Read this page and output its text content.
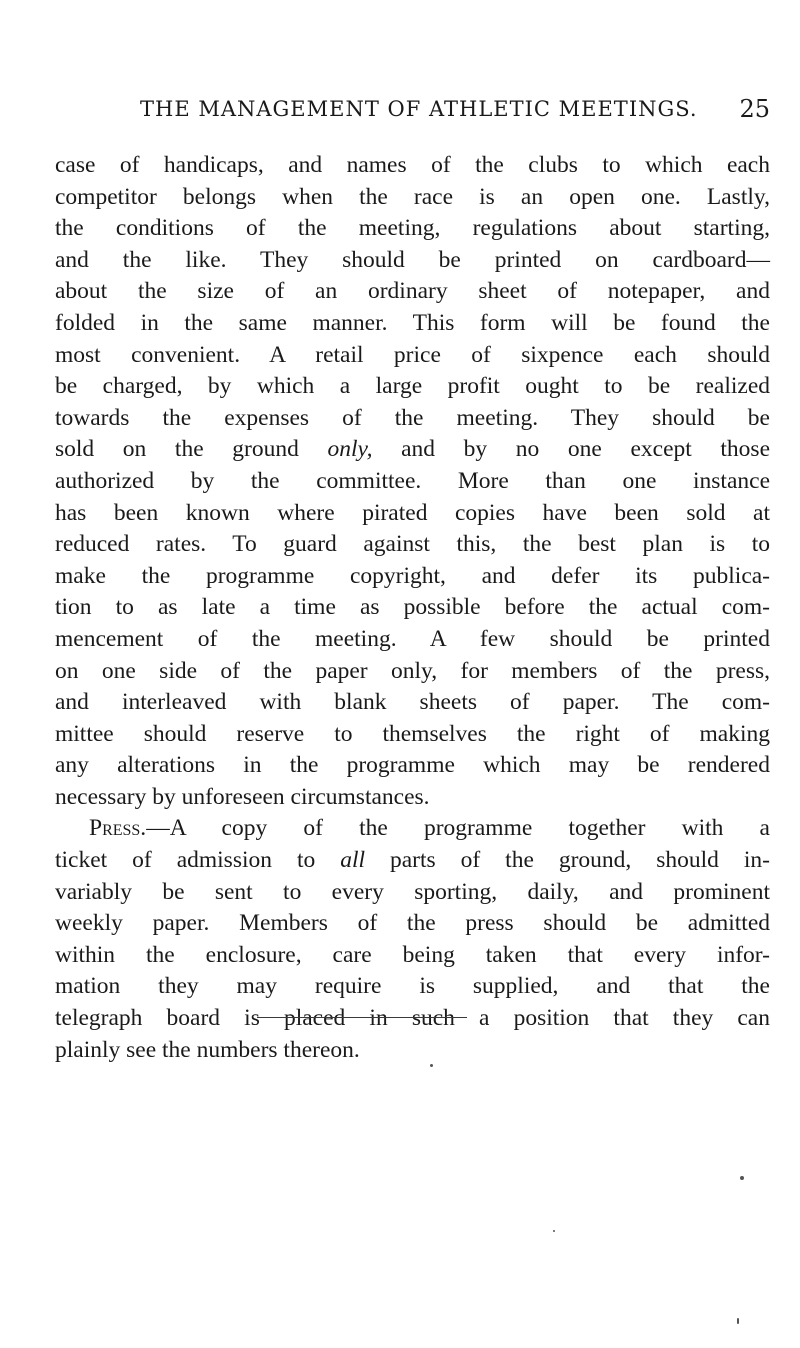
THE MANAGEMENT OF ATHLETIC MEETINGS. 25
case of handicaps, and names of the clubs to which each
competitor belongs when the race is an open one. Lastly,
the conditions of the meeting, regulations about starting,
and the like. They should be printed on cardboard—
about the size of an ordinary sheet of notepaper, and
folded in the same manner. This form will be found the
most convenient. A retail price of sixpence each should
be charged, by which a large profit ought to be realized
towards the expenses of the meeting. They should be
sold on the ground only, and by no one except those
authorized by the committee. More than one instance
has been known where pirated copies have been sold at
reduced rates. To guard against this, the best plan is to
make the programme copyright, and defer its publica-
tion to as late a time as possible before the actual com-
mencement of the meeting. A few should be printed
on one side of the paper only, for members of the press,
and interleaved with blank sheets of paper. The com-
mittee should reserve to themselves the right of making
any alterations in the programme which may be rendered
necessary by unforeseen circumstances.
Press.—A copy of the programme together with a
ticket of admission to all parts of the ground, should in-
variably be sent to every sporting, daily, and prominent
weekly paper. Members of the press should be admitted
within the enclosure, care being taken that every infor-
mation they may require is supplied, and that the
telegraph board is placed in such a position that they can
plainly see the numbers thereon.
